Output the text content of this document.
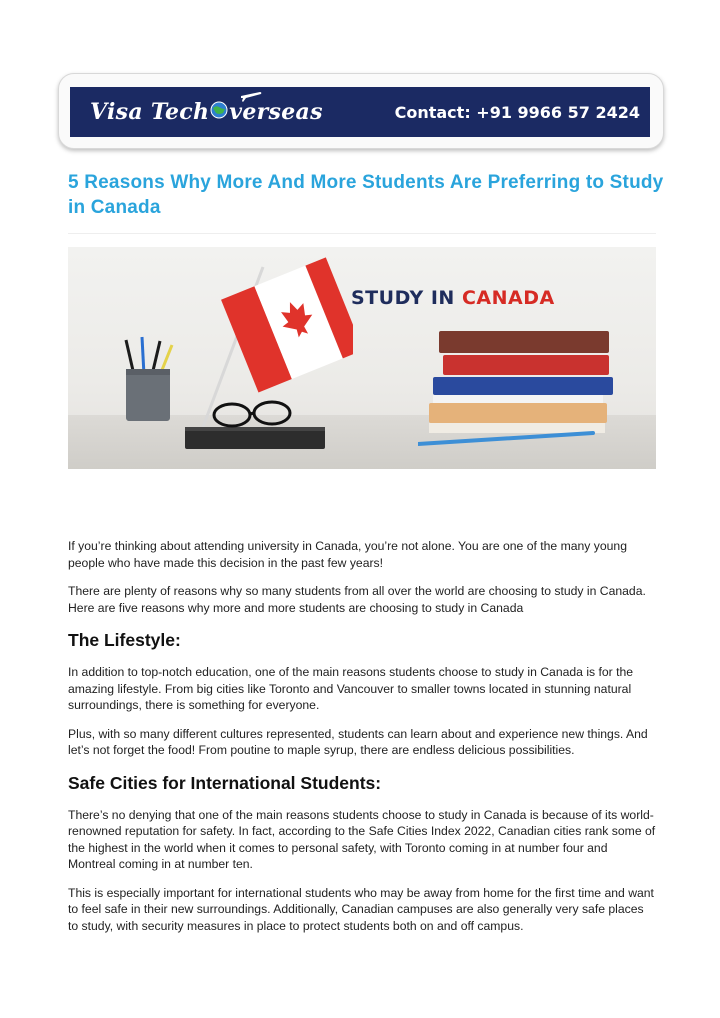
Visa Tech verseas	Contact: +91 9966 57 2424
5 Reasons Why More And More Students Are Preferring to Study in Canada
STUDY IN CANADA

If you’re thinking about attending university in Canada, you’re not alone. You are one of the many young people who have made this decision in the past few years!

There are plenty of reasons why so many students from all over the world are choosing to study in Canada. Here are five reasons why more and more students are choosing to study in Canada

The Lifestyle:

In addition to top-notch education, one of the main reasons students choose to study in Canada is for the amazing lifestyle. From big cities like Toronto and Vancouver to smaller towns located in stunning natural surroundings, there is something for everyone.

Plus, with so many different cultures represented, students can learn about and experience new things. And let’s not forget the food! From poutine to maple syrup, there are endless delicious possibilities.

Safe Cities for International Students:

There’s no denying that one of the main reasons students choose to study in Canada is because of its world-renowned reputation for safety. In fact, according to the Safe Cities Index 2022, Canadian cities rank some of the highest in the world when it comes to personal safety, with Toronto coming in at number four and Montreal coming in at number ten.

This is especially important for international students who may be away from home for the first time and want to feel safe in their new surroundings. Additionally, Canadian campuses are also generally very safe places to study, with security measures in place to protect students both on and off campus.
